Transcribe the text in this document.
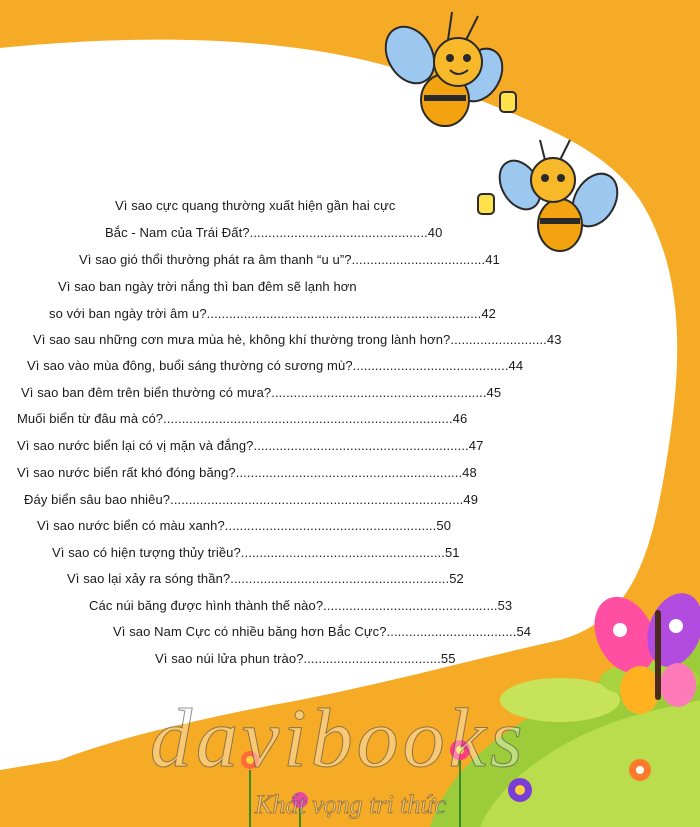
Vì sao cực quang thường xuất hiện gần hai cực
Bắc - Nam của Trái Đất?................................................40
Vì sao gió thổi thường phát ra âm thanh “u u”?....................................41
Vì sao ban ngày trời nắng thì ban đêm sẽ lạnh hơn
so với ban ngày trời âm u?..........................................................................42
Vì sao sau những cơn mưa mùa hè, không khí thường trong lành hơn?..........................43
Vì sao vào mùa đông, buổi sáng thường có sương mù?..........................................44
Vì sao ban đêm trên biển thường có mưa?..........................................................45
Muối biển từ đâu mà có?..............................................................................46
Vì sao nước biển lại có vị mặn và đắng?..........................................................47
Vì sao nước biển rất khó đóng băng?.............................................................48
Đáy biển sâu bao nhiêu?...............................................................................49
Vì sao nước biển có màu xanh?.........................................................50
Vì sao có hiện tượng thủy triều?.......................................................51
Vì sao lại xảy ra sóng thần?...........................................................52
Các núi băng được hình thành thế nào?...............................................53
Vì sao Nam Cực có nhiều băng hơn Bắc Cực?...................................54
Vì sao núi lửa phun trào?.....................................55
davibooks
Khát vọng tri thức
